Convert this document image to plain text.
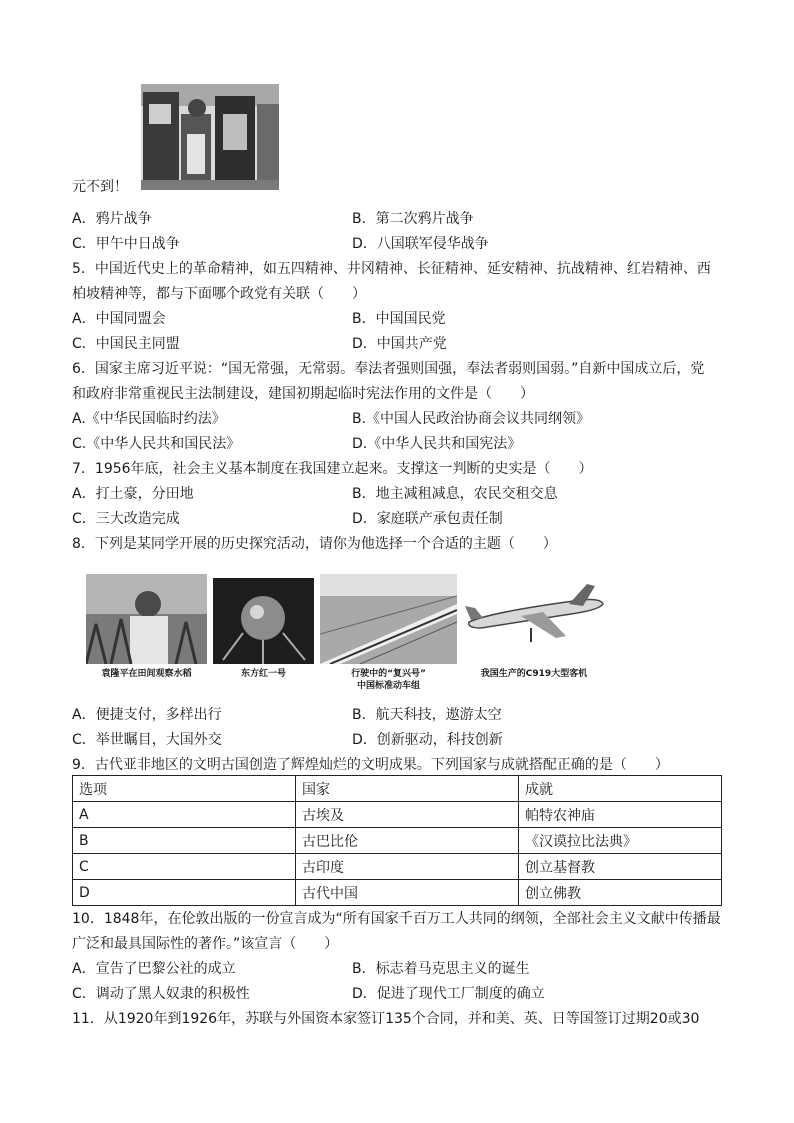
元不到！
A．鸦片战争	B．第二次鸦片战争
C．甲午中日战争	D．八国联军侵华战争
5．中国近代史上的革命精神，如五四精神、井冈精神、长征精神、延安精神、抗战精神、红岩精神、西
柏坡精神等，都与下面哪个政党有关联（　　）
A．中国同盟会	B．中国国民党
C．中国民主同盟	D．中国共产党
6．国家主席习近平说：“国无常强，无常弱。奉法者强则国强，奉法者弱则国弱。”自新中国成立后，党
和政府非常重视民主法制建设，建国初期起临时宪法作用的文件是（　　）
A.《中华民国临时约法》	B.《中国人民政治协商会议共同纲领》
C.《中华人民共和国民法》	D.《中华人民共和国宪法》
7．1956年底，社会主义基本制度在我国建立起来。支撑这一判断的史实是（　　）
A．打土豪，分田地	B．地主减租减息，农民交租交息
C．三大改造完成	D．家庭联产承包责任制
8．下列是某同学开展的历史探究活动，请你为他选择一个合适的主题（　　）
袁隆平在田间观察水稻	东方红一号	行驶中的“复兴号”
中国标准动车组
我国生产的C919大型客机
A．便捷支付，多样出行	B．航天科技，遨游太空
C．举世瞩目，大国外交	D．创新驱动，科技创新
9．古代亚非地区的文明古国创造了辉煌灿烂的文明成果。下列国家与成就搭配正确的是（　　）
选项	国家	成就
A	古埃及	帕特农神庙
B	古巴比伦	《汉谟拉比法典》
C	古印度	创立基督教
D	古代中国	创立佛教
10．1848年，在伦敦出版的一份宣言成为“所有国家千百万工人共同的纲领，全部社会主义文献中传播最
广泛和最具国际性的著作。”该宣言（　　）
A．宣告了巴黎公社的成立	B．标志着马克思主义的诞生
C．调动了黑人奴隶的积极性	D．促进了现代工厂制度的确立
11．从1920年到1926年，苏联与外国资本家签订135个合同，并和美、英、日等国签订过期20或30
